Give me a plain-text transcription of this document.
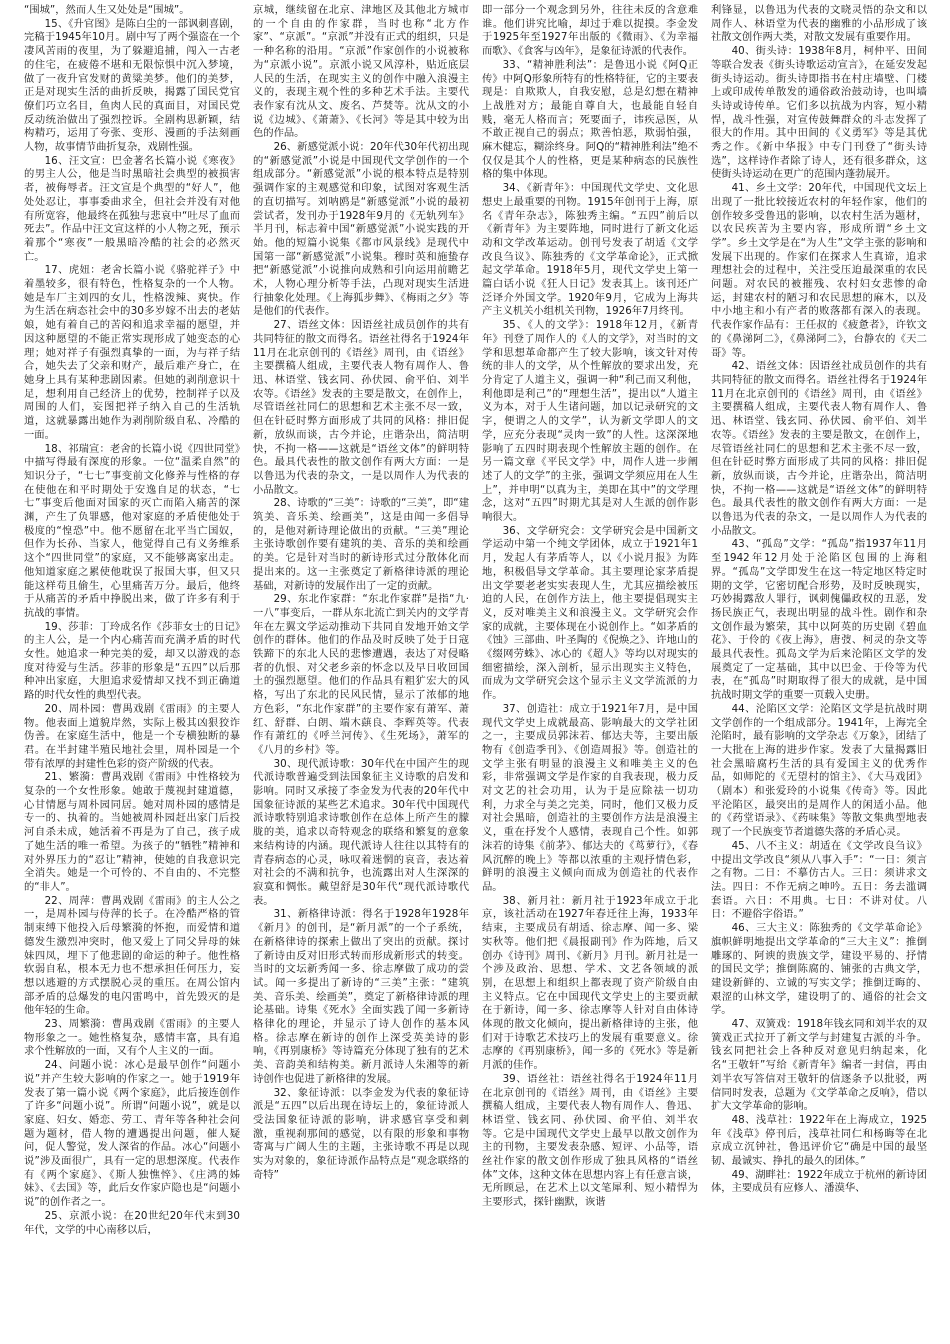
“围城”，然而人生又处处是“围城”。

15、《升官图》是陈白尘的一部讽刺喜剧，完稿于1945年10月。剧中写了两个强盗在一个凄风苦雨的夜里，为了躲避追捕，闯入一古老的住宅，在疲倦不堪和无限惊惧中沉入梦境，做了一夜升官发财的黄粱美梦。他们的美梦，正是对现实生活的曲折反映，揭露了国民党官僚们巧立名目，鱼肉人民的真面目，对国民党反动统治做出了强烈控诉。全剧构思新颖，结构精巧，运用了夸张、变形、漫画的手法刻画人物，故事情节曲折复杂，戏剧性强。

16、汪文宣：巴金著名长篇小说《寒夜》的男主人公，他是当时黑暗社会典型的被损害者，被侮辱者。汪文宣是个典型的“好人”，他处处忍让，事事委曲求全，但社会并没有对他有所宽容，他最终在孤独与悲哀中“吐尽了血而死去”。作品中汪文宣这样的小人物之死，预示着那个“寒夜”一般黑暗冷酷的社会的必然灭亡。

17、虎妞：老舍长篇小说《骆驼祥子》中着墨较多，很有特色，性格复杂的一个人物。她是车厂主刘四的女儿，性格泼辣、爽快。作为生活在病态社会中的30多岁嫁不出去的老姑娘，她有着自己的苦闷和追求幸福的愿望，并因这种愿望的不能正常实现形成了她变态的心理；她对祥子有强烈真挚的一面，为与祥子结合，她失去了父亲和财产，最后难产身亡，在她身上具有某种悲剧因素。但她的剥削意识十足，想利用自己经济上的优势，控制祥子以及周围的人们，妄图把祥子纳入自己的生活轨道，这就暴露出她作为剥削阶级自私、冷酷的一面。

18、祁瑞宣：老舍的长篇小说《四世同堂》中描写得最有深度的形象。一位“温柔自然”的知识分子，“七七”事变前文化修养与性格的存在使他在和平时期处于安逸自足的状态，“七七”事变后他面对国家的灭亡而陷入痛苦的深渊，产生了负罪感，他对家庭的矛盾使他处于极度的“惶恐”中。他不愿留在北平当亡国奴，但作为长孙、当家人，他觉得自己有义务维系这个“四世同堂”的家庭，又不能够离家出走。他知道家庭之累使他耽误了报国大事，但又只能这样苟且偷生，心里痛苦万分。最后，他终于从痛苦的矛盾中挣脱出来，做了许多有利于抗战的事情。

19、莎菲：丁玲成名作《莎菲女士的日记》的主人公，是一个内心痛苦而充满矛盾的时代女性。她追求一种完美的爱，却又以游戏的态度对待爱与生活。莎菲的形象是“五四”以后那种冲出家庭，大胆追求爱情却又找不到正确道路的时代女性的典型代表。

20、周朴园：曹禺戏剧《雷雨》的主要人物。他表面上道貌岸然，实际上极其凶狠狡诈伪善。在家庭生活中，他是一个专横独断的暴君。在半封建半殖民地社会里，周朴园是一个带有浓厚的封建性色彩的资产阶级的代表。

21、繁漪：曹禺戏剧《雷雨》中性格较为复杂的一个女性形象。她敢于蔑视封建道德，心甘情愿与周朴园同居。她对周朴园的感情是专一的、执着的。当她被周朴园赶出家门后投河自杀未成，她活着不再是为了自己，孩子成了她生活的唯一希望。为孩子的“牺牲”精神和对外界压力的“忍让”精神，使她的自我意识完全消失。她是一个可怜的、不自由的、不完整的“非人”。

22、周萍：曹禺戏剧《雷雨》的主人公之一，是周朴园与侍萍的长子。在冷酷严格的管制束缚下他投入后母繁漪的怀抱，而爱情和道德发生激烈冲突时，他又爱上了同父异母的妹妹四凤，埋下了他悲剧的命运的种子。他性格软弱自私，根本无力也不想承担任何压力，妄想以逃避的方式摆脱心灵的重压。在周公馆内部矛盾的总爆发的电闪雷鸣中，首先毁灭的是他年轻的生命。

23、周繁漪：曹禺戏剧《雷雨》的主要人物形象之一。她性格复杂，感情丰富，具有追求个性解放的一面，又有个人主义的一面。

24、问题小说：冰心是最早创作“问题小说”并产生较大影响的作家之一。她于1919年发表了第一篇小说《两个家庭》，此后接连创作了许多“问题小说”。所谓“问题小说”，就是以家庭、妇女、婚恋、劳工、青年等各种社会问题为题材，借人物的遭遇提出问题，催人疑问，促人警觉，发人深省的作品。冰心“问题小说”涉及面很广，具有一定的思想深度。代表作有《两个家庭》、《斯人独憔悴》、《庄鸿的姊妹》、《去国》等，此后女作家庐隐也是“问题小说”的创作者之一。

25、京派小说：在20世纪20年代末到30年代，文学的中心南移以后，

京城，继续留在北京、津地区及其他北方城市的一个自由的作家群，当时也称“北方作家”、“京派”。“京派”并没有正式的组织，只是一种名称的沿用。“京派”作家创作的小说被称为“京派小说”。京派小说又风淳朴，贴近底层人民的生活，在现实主义的创作中融入浪漫主义的，表现主观个性的多种艺术手法。主要代表作家有沈从文、废名、芦焚等。沈从文的小说《边城》、《萧萧》、《长河》等是其中较为出色的作品。

26、新感觉派小说：20年代30年代初出现的“新感觉派”小说是中国现代文学创作的一个组成部分。“新感觉派”小说的根本特点是特别强调作家的主观感觉和印象，试图对客观生活的直切描写。刘呐鸥是“新感觉派”小说的最初尝试者，发刊办于1928年9月的《无轨列车》半月刊，标志着中国“新感觉派”小说实践的开始。他的短篇小说集《都市风景线》是现代中国第一部“新感觉派”小说集。穆时英和施蛰存把“新感觉派”小说推向成熟和引向运用前瞻艺术，人物心理分析等手法，凸现对现实生活进行抽象化处理。《上海狐步舞》、《梅雨之夕》等是他们的代表作。

27、语丝文体：因语丝社成员创作的共有共同特征的散文而得名。语丝社得名于1924年11月在北京创刊的《语丝》周刊，由《语丝》主要撰稿人组成，主要代表人物有周作人、鲁迅、林语堂、钱玄同、孙伏园、俞平伯、刘半农等。《语丝》发表的主要是散文，在创作上，尽管语丝社同仁的思想和艺术主张不尽一致，但在针砭时弊方面形成了共同的风格：排旧促新，放纵而谈，古今并论，庄谐杂出，简洁明快，不拘一格——这就是“语丝文体”的鲜明特色。最具代表性的散文创作有两大方面：一是以鲁迅为代表的杂文，一是以周作人为代表的小品散文。

28、诗歌的“三美”：诗歌的“三美”，即“建筑美、音乐美、绘画美”，这是由闻一多倡导的，是他对新诗理论做出的贡献。“三美”理论主张诗歌创作要有建筑的美、音乐的美和绘画的美。它是针对当时的新诗形式过分散体化而提出来的。这一主张奠定了新格律诗派的理论基础，对新诗的发展作出了一定的贡献。

29、东北作家群：“东北作家群”是指“九·一八”事变后，一群从东北流亡到关内的文学青年在左翼文学运动推动下共同自发地开始文学创作的群体。他们的作品及时反映了处于日寇铁蹄下的东北人民的悲惨遭遇，表达了对侵略者的仇恨、对父老乡亲的怀念以及早日收回国土的强烈愿望。他们的作品具有粗犷宏大的风格，写出了东北的民风民情，显示了浓郁的地方色彩，“东北作家群”的主要作家有萧军、萧红、舒群、白朗、端木蕻良、李辉英等。代表作有萧红的《呼兰河传》、《生死场》，萧军的《八月的乡村》等。

30、现代派诗歌：30年代在中国产生的现代派诗歌普遍受到法国象征主义诗歌的启发和影响。同时又承接了李金发为代表的20年代中国象征诗派的某些艺术追求。30年代中国现代派诗歌特别追求诗歌创作在总体上所产生的朦胧的美，追求以奇特观念的联络和繁复的意象来结构诗的内涵。现代派诗人往往以其特有的青春病态的心灵，咏叹着迷惘的哀音，表达着对社会的不满和抗争，也流露出对人生深深的寂寞和惆怅。戴望舒是30年代“现代派诗歌代表。

31、新格律诗派：得名于1928年1928年《新月》的创刊，是“新月派”的一个子系统，在新格律诗的探索上做出了突出的贡献。探讨了新诗由反对旧形式转而形成新形式的转变。当时的文坛新秀闻一多、徐志摩做了成功的尝试。闻一多提出了新诗的“三美”主张：“建筑美、音乐美、绘画美”，奠定了新格律诗派的理论基础。诗集《死水》全面实践了闻一多新诗格律化的理论，并显示了诗人创作的基本风格。徐志摩在新诗的创作上深受英美诗的影响，《再别康桥》等诗篇充分体现了独有的艺术美、音韵美和结构美。新月派诗人朱湘等的新诗创作也促进了新格律的发展。

32、象征诗派：以李金发为代表的象征诗派是“五四”以后出现在诗坛上的，象征诗派人受法国象征诗派的影响，讲求感官享受和刺激，重视刹那间的感觉，以有限的形象和事物寄寓与广阔人生的主题，主张诗歌不再是以现实为对象的，象征诗派作品特点是“观念联络的奇特”

即一部分一个观念到另外，往往未反的含意难谁。他们讲究比喻，却过于难以捉摸。李金发于1925年至1927年出版的《微雨》、《为幸福而歌》、《食客与凶年》，是象征诗派的代表作。

33、“精神胜利法”：是鲁迅小说《阿Q正传》中阿Q形象所特有的性格特征，它的主要表现是：自欺欺人，自我安慰，总是幻想在精神上战胜对方；最能自尊自大，也最能自轻自贱，毫无人格而言；死要面子，讳疾忌医，从不敢正视自己的弱点；欺善怕恶，欺弱怕强，麻木健忘，糊涂终身。阿Q的“精神胜利法”绝不仅仅是其个人的性格，更是某种病态的民族性格的集中体现。

34、《新青年》：中国现代文学史、文化思想史上最重要的刊物。1915年创刊于上海，原名《青年杂志》，陈独秀主编。“五四”前后以《新青年》为主要阵地，同时进行了新文化运动和文学改革运动。创刊号发表了胡适《文学改良刍议》、陈独秀的《文学革命论》，正式掀起文学革命。1918年5月，现代文学史上第一篇白话小说《狂人日记》发表其上。该刊还广泛译介外国文学。1920年9月，它成为上海共产主义机关小组机关刊物，1926年7月终刊。

35、《人的文学》：1918年12月，《新青年》刊登了周作人的《人的文学》，对当时的文学和思想革命都产生了较大影响，该文针对传统的非人的文学，从个性解放的要求出发，充分肯定了人道主义，强调一种“利己而又利他，利他即是利己”的“理想生活”，提出以“人道主义为本，对于人生诸问题，加以记录研究的文字，便谓之人的文学”，认为新文学即人的文学，应充分表现“灵肉一致”的人性。这深深地影响了五四时期表现个性解放主题的创作。在另一篇文章《平民文学》中，周作人进一步阐述了人的文学”的主张，强调文学须应用在人生上”，并申明“以真为主，美即在其中”的文学理念，这对“五四”时期尤其是对人生派的创作影响很大。

36、文学研究会：文学研究会是中国新文学运动中第一个纯文学团体，成立于1921年1月，发起人有茅盾等人，以《小说月报》为阵地，积极倡导文学革命。其主要理论家茅盾提出文学要老老实实表现人生，尤其应描绘被压迫的人民，在创作方法上，他主要提倡现实主义，反对唯美主义和浪漫主义。文学研究会作家的成就，主要体现在小说创作上。“如茅盾的《蚀》三部曲、叶圣陶的《倪焕之》、许地山的《缀网劳蛛》、冰心的《超人》等均以对现实的细密描绘，深入剖析，显示出现实主义特色，而成为文学研究会这个显示主义文学流派的力作。

37、创造社：成立于1921年7月，是中国现代文学史上成就最高、影响最大的文学社团之一，主要成员郭沫若、郁达夫等，主要出版物有《创造季刊》、《创造周报》等。创造社的文学主张有明显的浪漫主义和唯美主义的色彩，非常强调文学是作家的自我表现，极力反对文艺的社会功用，认为于是应除祛一切功利，力求全与美之完美，同时，他们又极力反对社会黑暗，创造社的主要创作方法是浪漫主义，重在抒发个人感情，表现自己个性。如郭沫若的诗集《前茅》、郁达夫的《茑萝行》，《春风沉醉的晚上》等都以浓重的主观抒情色彩，鲜明的浪漫主义倾向而成为创造社的代表作品。

38、新月社：新月社于1923年成立于北京，该社活动在1927年春迁往上海，1933年结束，主要成员有胡适、徐志摩、闻一多、梁实秋等。他们把《晨报副刊》作为阵地，后又创办《诗刊》周刊、《新月》月刊。新月社是一个涉及政治、思想、学术、文艺各领域的派别，在思想上和组织上都表现了资产阶级自由主义特点。它在中国现代文学史上的主要贡献在于新诗，闻一多、徐志摩等人针对自由体诗体现的散文化倾向，提出新格律诗的主张，他们对于诗歌艺术技巧上的发展有重要意义。徐志摩的《再别康桥》，闻一多的《死水》等是新月派的佳作。

39、语丝社：语丝社得名于1924年11月在北京创刊的《语丝》周刊，由《语丝》主要撰稿人组成，主要代表人物有周作人、鲁迅、林语堂、钱玄同、孙伏园、俞平伯、刘半农等。它是中国现代文学史上最早以散文创作为主的刊物，主要发表杂感、短评、小品等，语丝社作家的散文创作形成了独具风格的“语丝体”文体，这种文体在思想内容上有任意言谈，无所顾忌，在艺术上以文笔犀利、短小精悍为主要形式，探针幽默，诙谐

利锋显，以鲁迅为代表的文晓灵悟的杂文和以周作人、林语堂为代表的幽雅的小品形成了该社散文创作两大类，对散文发展有重要作用。

40、街头诗：1938年8月，柯仲平、田间等联合发表《街头诗歌运动宣言》，在延安发起街头诗运动。街头诗即指书在村庄墙壁、门楼上或印成传单散发的通俗政治鼓动诗，也叫墙头诗或诗传单。它们多以抗战为内容，短小精悍，战斗性强，对宣传鼓舞群众的斗志发挥了很大的作用。其中田间的《义勇军》等是其优秀之作。《新中华报》中专门刊登了“街头诗选”，这样诗作者除了诗人，还有很多群众，这使街头诗运动在更广的范围内蓬勃展开。

41、乡土文学：20年代，中国现代文坛上出现了一批比较接近农村的年轻作家，他们的创作较多受鲁迅的影响，以农村生活为题材，以农民疾苦为主要内容，形成所谓“乡土文学”。乡土文学是在“为人生”文学主张的影响和发展下出现的。作家们在探求人生真谛，追求理想社会的过程中，关注受压迫最深重的农民问题。对农民的被摧残、农村妇女悲惨的命运，封建农村的陋习和农民思想的麻木，以及中小地主和小有产者的败落都有深入的表现。代表作家作品有：王任叔的《疲惫者》，许钦文的《鼻涕阿二》，《鼻涕阿二》，台静农的《天二哥》等。

42、语丝文体：因语丝社成员创作的共有共同特征的散文而得名。语丝社得名于1924年11月在北京创刊的《语丝》周刊，由《语丝》主要撰稿人组成，主要代表人物有周作人、鲁迅、林语堂、钱玄同、孙伏园、俞平伯、刘半农等。《语丝》发表的主要是散文，在创作上，尽管语丝社同仁的思想和艺术主张不尽一致，但在针砭时弊方面形成了共同的风格：排旧促新，放纵而谈，古今并论，庄谐杂出，简洁明快，不拘一格——这就是“语丝文体”的鲜明特色。最具代表性的散文创作有两大方面：一是以鲁迅为代表的杂文，一是以周作人为代表的小品散文。

43、“孤岛”文学：“孤岛”指1937年11月至1942年12月处于沦陷区包围的上海租界。“孤岛”文学即发生在这一特定地区特定时期的文学，它密切配合形势，及时反映现实，巧妙揭露敌人罪行，讽刺傀儡政权的丑恶，发扬民族正气，表现出明显的战斗性。剧作和杂文创作最为繁荣，其中以阿英的历史剧《碧血花》、于伶的《夜上海》，唐弢、柯灵的杂文等最具代表性。孤岛文学为后来沦陷区文学的发展奠定了一定基础，其中以巴金、于伶等为代表，在“孤岛”时期取得了很大的成就，是中国抗战时期文学的重要一页载入史册。

44、沦陷区文学：沦陷区文学是抗战时期文学创作的一个组成部分。1941年，上海完全沦陷时，最有影响的文学杂志《万象》，团结了一大批在上海的进步作家。发表了大量揭露旧社会黑暗腐朽生活的具有爱国主义的优秀作品，如师陀的《无望村的馆主》、《大马戏团》（剧本）和张爱玲的小说集《传奇》等。因此平沦陷区，最突出的是周作人的闲适小品。他的《药堂语录》、《药味集》等散文集典型地表现了一个民族变节者道德失落的矛盾心灵。

45、八不主义：胡适在《文学改良刍议》中提出文学改良“须从八事入手”：“一日：须言之有物。二日：不摹仿古人。三日：须讲求文法。四日：不作无病之呻吟。五日：务去滥调套语。六日：不用典。七日：不讲对仗。八日：不避俗字俗语。”

46、三大主义：陈独秀的《文学革命论》旗帜鲜明地提出文学革命的“三大主义”：推倒雕琢的、阿谀的贵族文学，建设平易的、抒情的国民文学；推倒陈腐的、铺张的古典文学，建设新鲜的、立诚的写实文学；推倒迂晦的、艰涩的山林文学，建设明了的、通俗的社会文学。

47、双簧戏：1918年钱玄同和刘半农的双簧戏正式拉开了新文学与封建复古派的斗争。钱玄同把社会上各种反对意见归纳起来，化名“王敬轩”写给《新青年》编者一封信，再由刘半农写答信对王敬轩的信逐条予以批驳，两信同时发表，总题为《文学革命之反响》，借以扩大文学革命的影响。

48、浅草社：1922年在上海成立，1925年《浅草》停刊后，浅草社同仁和杨晦等在北京成立沉钟社，鲁迅评价它“确是中国的最坚韧、最诚实、挣扎的最久的团体。”

49、湖畔社：1922年成立于杭州的新诗团体，主要成员有应修人、潘漠华、
